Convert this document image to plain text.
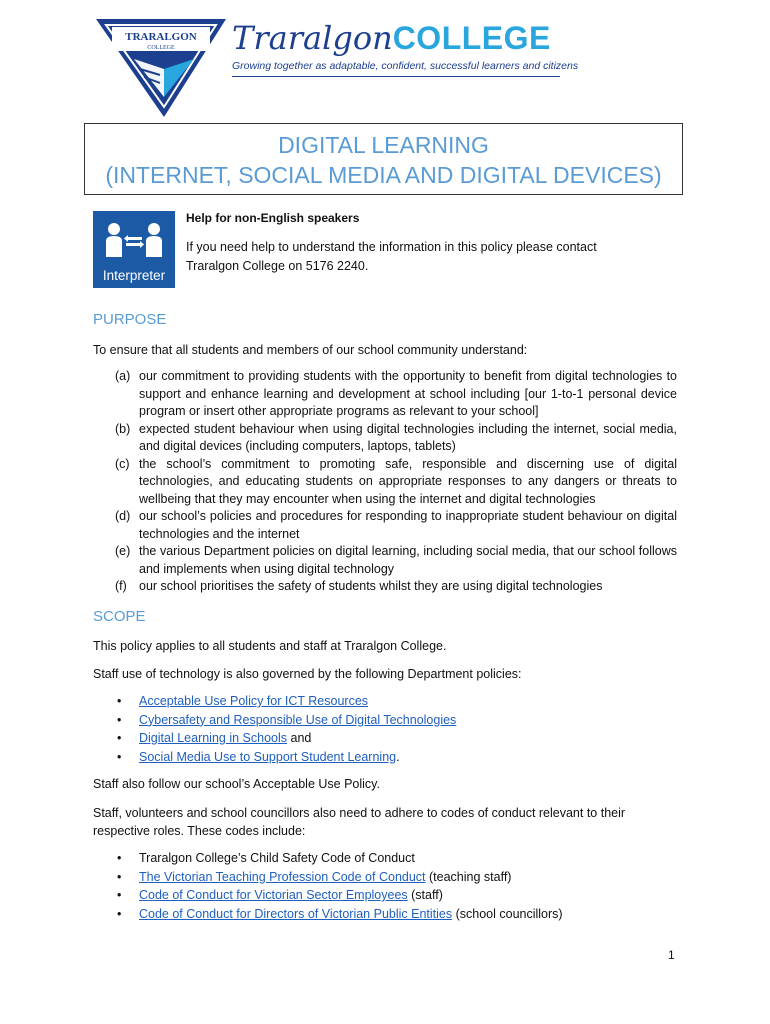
TRARALGON
COLLEGE TraralgonCOLLEGE
Growing together as adaptable, confident, successful learners and citizens
DIGITAL LEARNING
(INTERNET, SOCIAL MEDIA AND DIGITAL DEVICES)
Interpreter
Help for non-English speakers
If you need help to understand the information in this policy please contact Traralgon College on 5176 2240.
PURPOSE
To ensure that all students and members of our school community understand:
(a) our commitment to providing students with the opportunity to benefit from digital technologies to support and enhance learning and development at school including [our 1-to-1 personal device program or insert other appropriate programs as relevant to your school]
(b) expected student behaviour when using digital technologies including the internet, social media, and digital devices (including computers, laptops, tablets)
(c) the school’s commitment to promoting safe, responsible and discerning use of digital technologies, and educating students on appropriate responses to any dangers or threats to wellbeing that they may encounter when using the internet and digital technologies
(d) our school’s policies and procedures for responding to inappropriate student behaviour on digital technologies and the internet
(e) the various Department policies on digital learning, including social media, that our school follows and implements when using digital technology
(f) our school prioritises the safety of students whilst they are using digital technologies
SCOPE
This policy applies to all students and staff at Traralgon College.
Staff use of technology is also governed by the following Department policies:
• Acceptable Use Policy for ICT Resources
• Cybersafety and Responsible Use of Digital Technologies
• Digital Learning in Schools and
• Social Media Use to Support Student Learning.
Staff also follow our school’s Acceptable Use Policy.
Staff, volunteers and school councillors also need to adhere to codes of conduct relevant to their respective roles. These codes include:
• Traralgon College’s Child Safety Code of Conduct
• The Victorian Teaching Profession Code of Conduct (teaching staff)
• Code of Conduct for Victorian Sector Employees (staff)
• Code of Conduct for Directors of Victorian Public Entities (school councillors)
1
